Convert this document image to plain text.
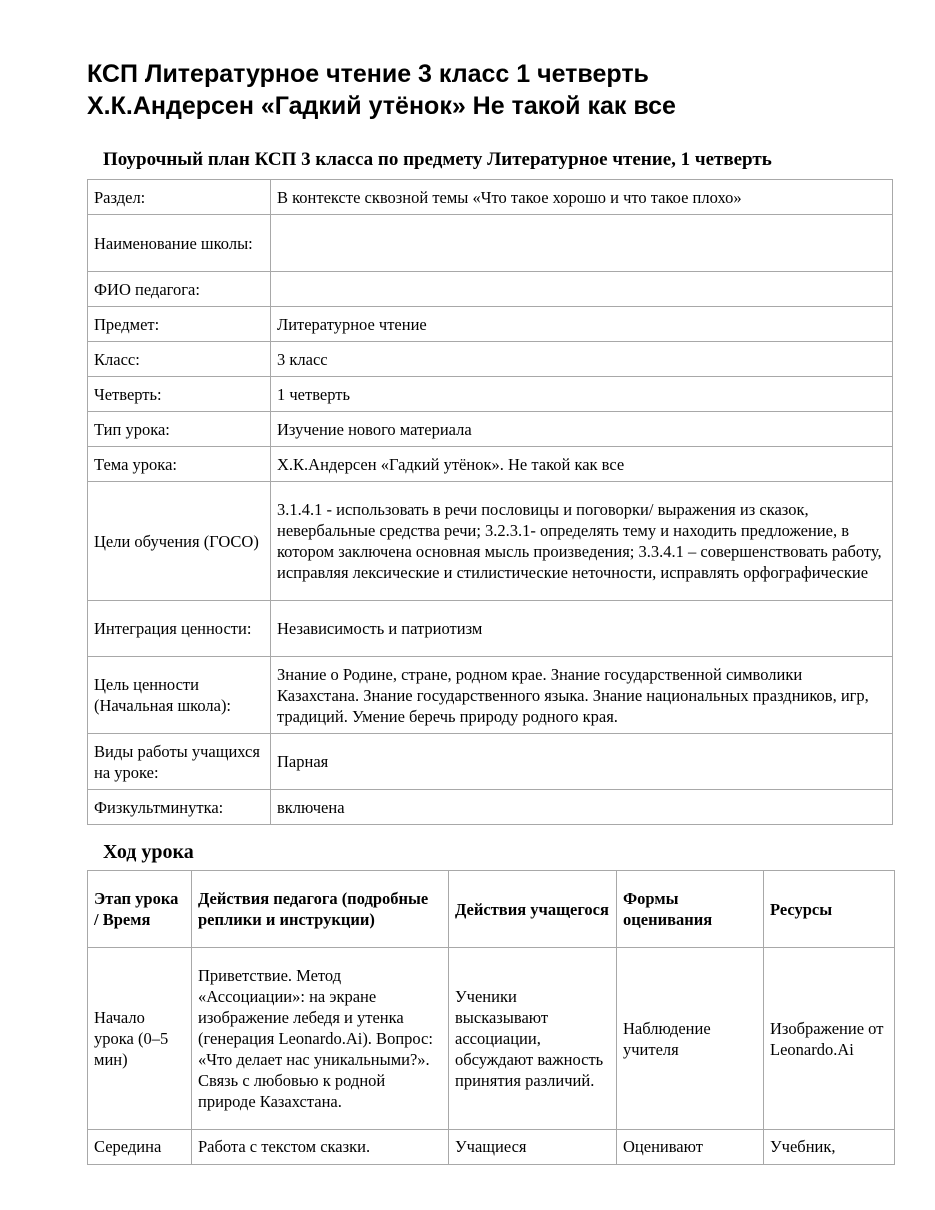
КСП Литературное чтение 3 класс 1 четверть
Х.К.Андерсен «Гадкий утёнок» Не такой как все
Поурочный план КСП 3 класса по предмету Литературное чтение, 1 четверть
Раздел:	В контексте сквозной темы «Что такое хорошо и что такое плохо»
Наименование школы:	
ФИО педагога:	
Предмет:	Литературное чтение
Класс:	3 класс
Четверть:	1 четверть
Тип урока:	Изучение нового материала
Тема урока:	Х.К.Андерсен «Гадкий утёнок». Не такой как все
Цели обучения (ГОСО)	3.1.4.1 - использовать в речи пословицы и поговорки/ выражения из сказок, невербальные средства речи; 3.2.3.1- определять тему и находить предложение, в котором заключена основная мысль произведения; 3.3.4.1 – совершенствовать работу, исправляя лексические и стилистические неточности, исправлять орфографические
Интеграция ценности:	Независимость и патриотизм
Цель ценности (Начальная школа):	Знание о Родине, стране, родном крае. Знание государственной символики Казахстана. Знание государственного языка. Знание национальных праздников, игр, традиций. Умение беречь природу родного края.
Виды работы учащихся на уроке:	Парная
Физкультминутка:	включена
Ход урока
Этап урока / Время	Действия педагога (подробные реплики и инструкции)	Действия учащегося	Формы оценивания	Ресурсы
Начало урока (0–5 мин)	Приветствие. Метод «Ассоциации»: на экране изображение лебедя и утенка (генерация Leonardo.Ai). Вопрос: «Что делает нас уникальными?». Связь с любовью к родной природе Казахстана.	Ученики высказывают ассоциации, обсуждают важность принятия различий.	Наблюдение учителя	Изображение от Leonardo.Ai
Середина	Работа с текстом сказки.	Учащиеся	Оценивают	Учебник,
